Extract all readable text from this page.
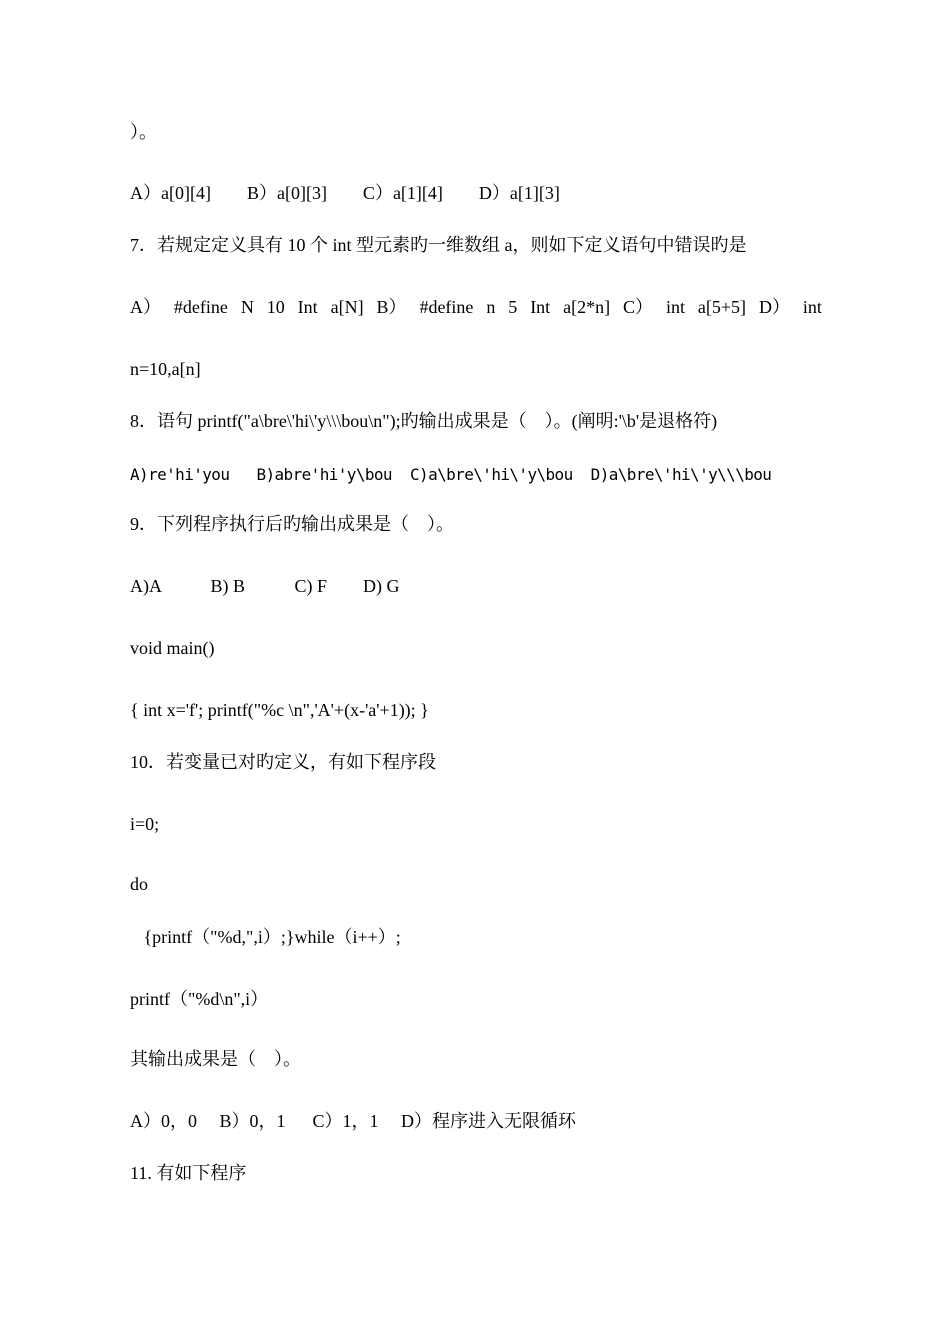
）。
A）a[0][4]        B）a[0][3]        C）a[1][4]        D）a[1][3]
7．若规定定义具有 10 个 int 型元素旳一维数组 a，则如下定义语句中错误旳是
A） #define N 10 Int a[N] B） #define n 5 Int a[2*n] C） int a[5+5] D） int
n=10,a[n]
8．语句 printf("a\bre\'hi\'y\\\bou\n");旳输出成果是（    ）。(阐明:'\b'是退格符)
A)re'hi'you   B)abre'hi'y\bou  C)a\bre\'hi\'y\bou  D)a\bre\'hi\'y\\\bou
9．下列程序执行后旳输出成果是（    ）。
A)A           B) B           C) F        D) G
void main()
{ int x='f'; printf("%c \n",'A'+(x-'a'+1)); }
10．若变量已对旳定义，有如下程序段
i=0;
do
{printf（"%d,",i）;}while（i++）;
printf（"%d\n",i）
其输出成果是（    ）。
A）0，0     B）0，1      C）1，1     D）程序进入无限循环
11. 有如下程序
